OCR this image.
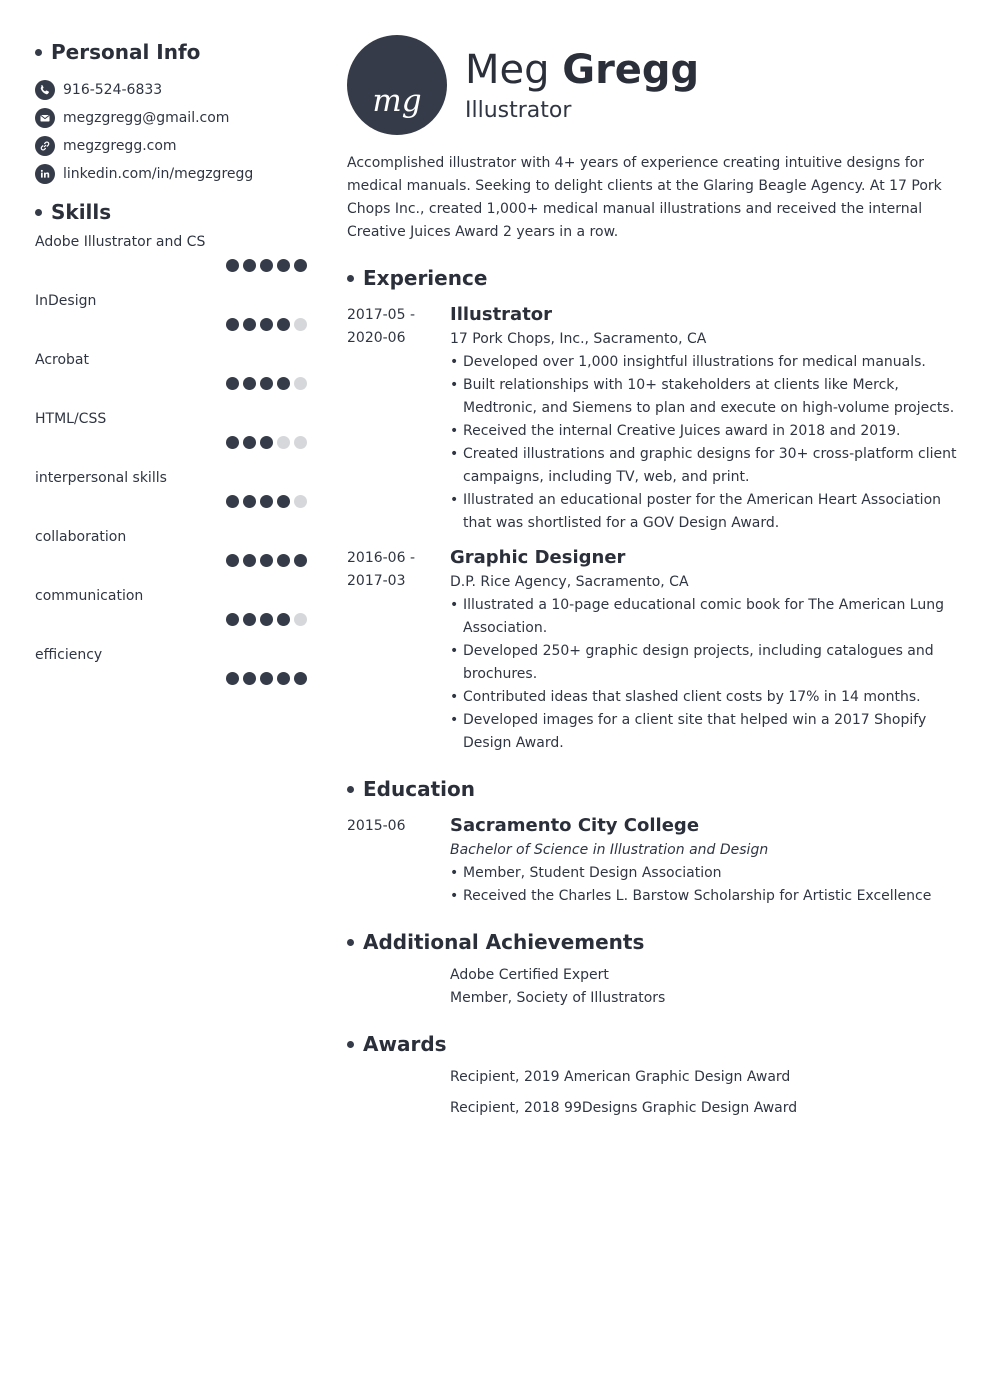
Personal Info
916-524-6833
megzgregg@gmail.com
megzgregg.com
linkedin.com/in/megzgregg
Skills
Adobe Illustrator and CS
InDesign
Acrobat
HTML/CSS
interpersonal skills
collaboration
communication
efficiency
mg
Meg Gregg
Illustrator

Accomplished illustrator with 4+ years of experience creating intuitive designs for medical manuals. Seeking to delight clients at the Glaring Beagle Agency. At 17 Pork Chops Inc., created 1,000+ medical manual illustrations and received the internal Creative Juices Award 2 years in a row.

Experience
2017-05 - 2020-06
Illustrator
17 Pork Chops, Inc., Sacramento, CA
• Developed over 1,000 insightful illustrations for medical manuals.
• Built relationships with 10+ stakeholders at clients like Merck, Medtronic, and Siemens to plan and execute on high-volume projects.
• Received the internal Creative Juices award in 2018 and 2019.
• Created illustrations and graphic designs for 30+ cross-platform client campaigns, including TV, web, and print.
• Illustrated an educational poster for the American Heart Association that was shortlisted for a GOV Design Award.
2016-06 - 2017-03
Graphic Designer
D.P. Rice Agency, Sacramento, CA
• Illustrated a 10-page educational comic book for The American Lung Association.
• Developed 250+ graphic design projects, including catalogues and brochures.
• Contributed ideas that slashed client costs by 17% in 14 months.
• Developed images for a client site that helped win a 2017 Shopify Design Award.
Education
2015-06	Sacramento City College
Bachelor of Science in Illustration and Design
• Member, Student Design Association
• Received the Charles L. Barstow Scholarship for Artistic Excellence
Additional Achievements
Adobe Certified Expert
Member, Society of Illustrators
Awards
Recipient, 2019 American Graphic Design Award
Recipient, 2018 99Designs Graphic Design Award
